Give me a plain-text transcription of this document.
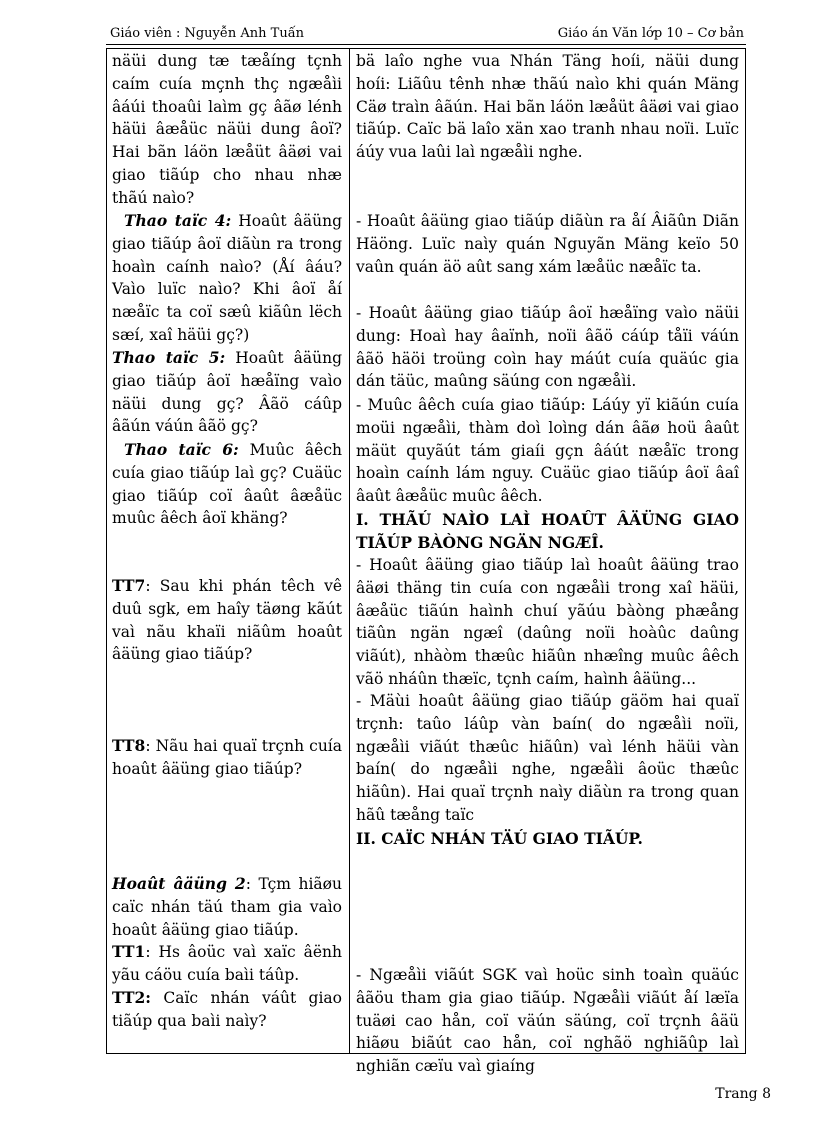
Giáo viên : Nguyễn Anh Tuấn	Giáo án Văn lớp 10 – Cơ bản
näüi dung tæ tæåíng tçnh caím cuía mçnh thç ngæåìi âáúi thoaûi laìm gç âãø lénh häüi âæåüc näüi dung âoï? Hai bãn láön læåüt âäøi vai giao tiãúp cho nhau nhæ thãú naìo?
Thao taïc 4: Hoaût âäüng giao tiãúp âoï diãùn ra trong hoaìn caính naìo? (Åí âáu? Vaìo luïc naìo? Khi âoï åí næåïc ta coï sæû kiãûn lëch sæí, xaî häüi gç?)
Thao taïc 5: Hoaût âäüng giao tiãúp âoï hæåïng vaìo näüi dung gç? Âãö cáûp âãún váún âãö gç?
Thao taïc 6: Muûc âêch cuía giao tiãúp laì gç? Cuäüc giao tiãúp coï âaût âæåüc muûc âêch âoï khäng?
TT7: Sau khi phán têch vê duû sgk, em haîy täøng kãút vaì nãu khaïi niãûm hoaût âäüng giao tiãúp?
TT8: Nãu hai quaï trçnh cuía hoaût âäüng giao tiãúp?
Hoaût âäüng 2: Tçm hiãøu caïc nhán täú tham gia vaìo hoaût âäüng giao tiãúp.
TT1: Hs âoüc vaì xaïc âënh yãu cáöu cuía baìi táûp.
TT2: Caïc nhán váût giao tiãúp qua baìi naìy?
bä laîo nghe vua Nhán Täng hoíi, näüi dung hoíi: Liãûu tênh nhæ thãú naìo khi quán Mäng Cäø traìn âãún. Hai bãn láön læåüt âäøi vai giao tiãúp. Caïc bä laîo xän xao tranh nhau noïi. Luïc áúy vua laûi laì ngæåìi nghe.
- Hoaût âäüng giao tiãúp diãùn ra åí Âiãûn Diãn Häöng. Luïc naìy quán Nguyãn Mäng keïo 50 vaûn quán äö aût sang xám læåüc næåïc ta.
- Hoaût âäüng giao tiãúp âoï hæåïng vaìo näüi dung: Hoaì hay âaïnh, noïi âãö cáúp tåïi váún âãö häöi troüng coìn hay máút cuía quäúc gia dán täüc, maûng säúng con ngæåìi.
- Muûc âêch cuía giao tiãúp: Láúy yï kiãún cuía moüi ngæåìi, thàm doì loìng dán âãø hoü âaût mäüt quyãút tám giaíi gçn âáút næåïc trong hoaìn caính lám nguy. Cuäüc giao tiãúp âoï âaî âaût âæåüc muûc âêch.
I. THÃÚ NAÌO LAÌ HOAÛT ÂÄÜNG GIAO TIÃÚP BÀÒNG NGÄN NGÆÎ.
- Hoaût âäüng giao tiãúp laì hoaût âäüng trao âäøi thäng tin cuía con ngæåìi trong xaî häüi, âæåüc tiãún haình chuí yãúu bàòng phæång tiãûn ngän ngæî (daûng noïi hoàûc daûng viãút), nhàòm thæûc hiãûn nhæîng muûc âêch vãö nháûn thæïc, tçnh caím, haình âäüng...
- Mäùi hoaût âäüng giao tiãúp gäöm hai quaï trçnh: taûo láûp vàn baín( do ngæåìi noïi, ngæåìi viãút thæûc hiãûn) vaì lénh häüi vàn baín( do ngæåìi nghe, ngæåìi âoüc thæûc hiãûn). Hai quaï trçnh naìy diãùn ra trong quan hãû tæång taïc
II. CAÏC NHÁN TÄÚ GIAO TIÃÚP.
- Ngæåìi viãút SGK vaì hoüc sinh toaìn quäúc âãöu tham gia giao tiãúp. Ngæåìi viãút åí læïa tuäøi cao hån, coï väún säúng, coï trçnh âäü hiãøu biãút cao hån, coï nghãö nghiãûp laì nghiãn cæïu vaì giaíng
Trang 8
